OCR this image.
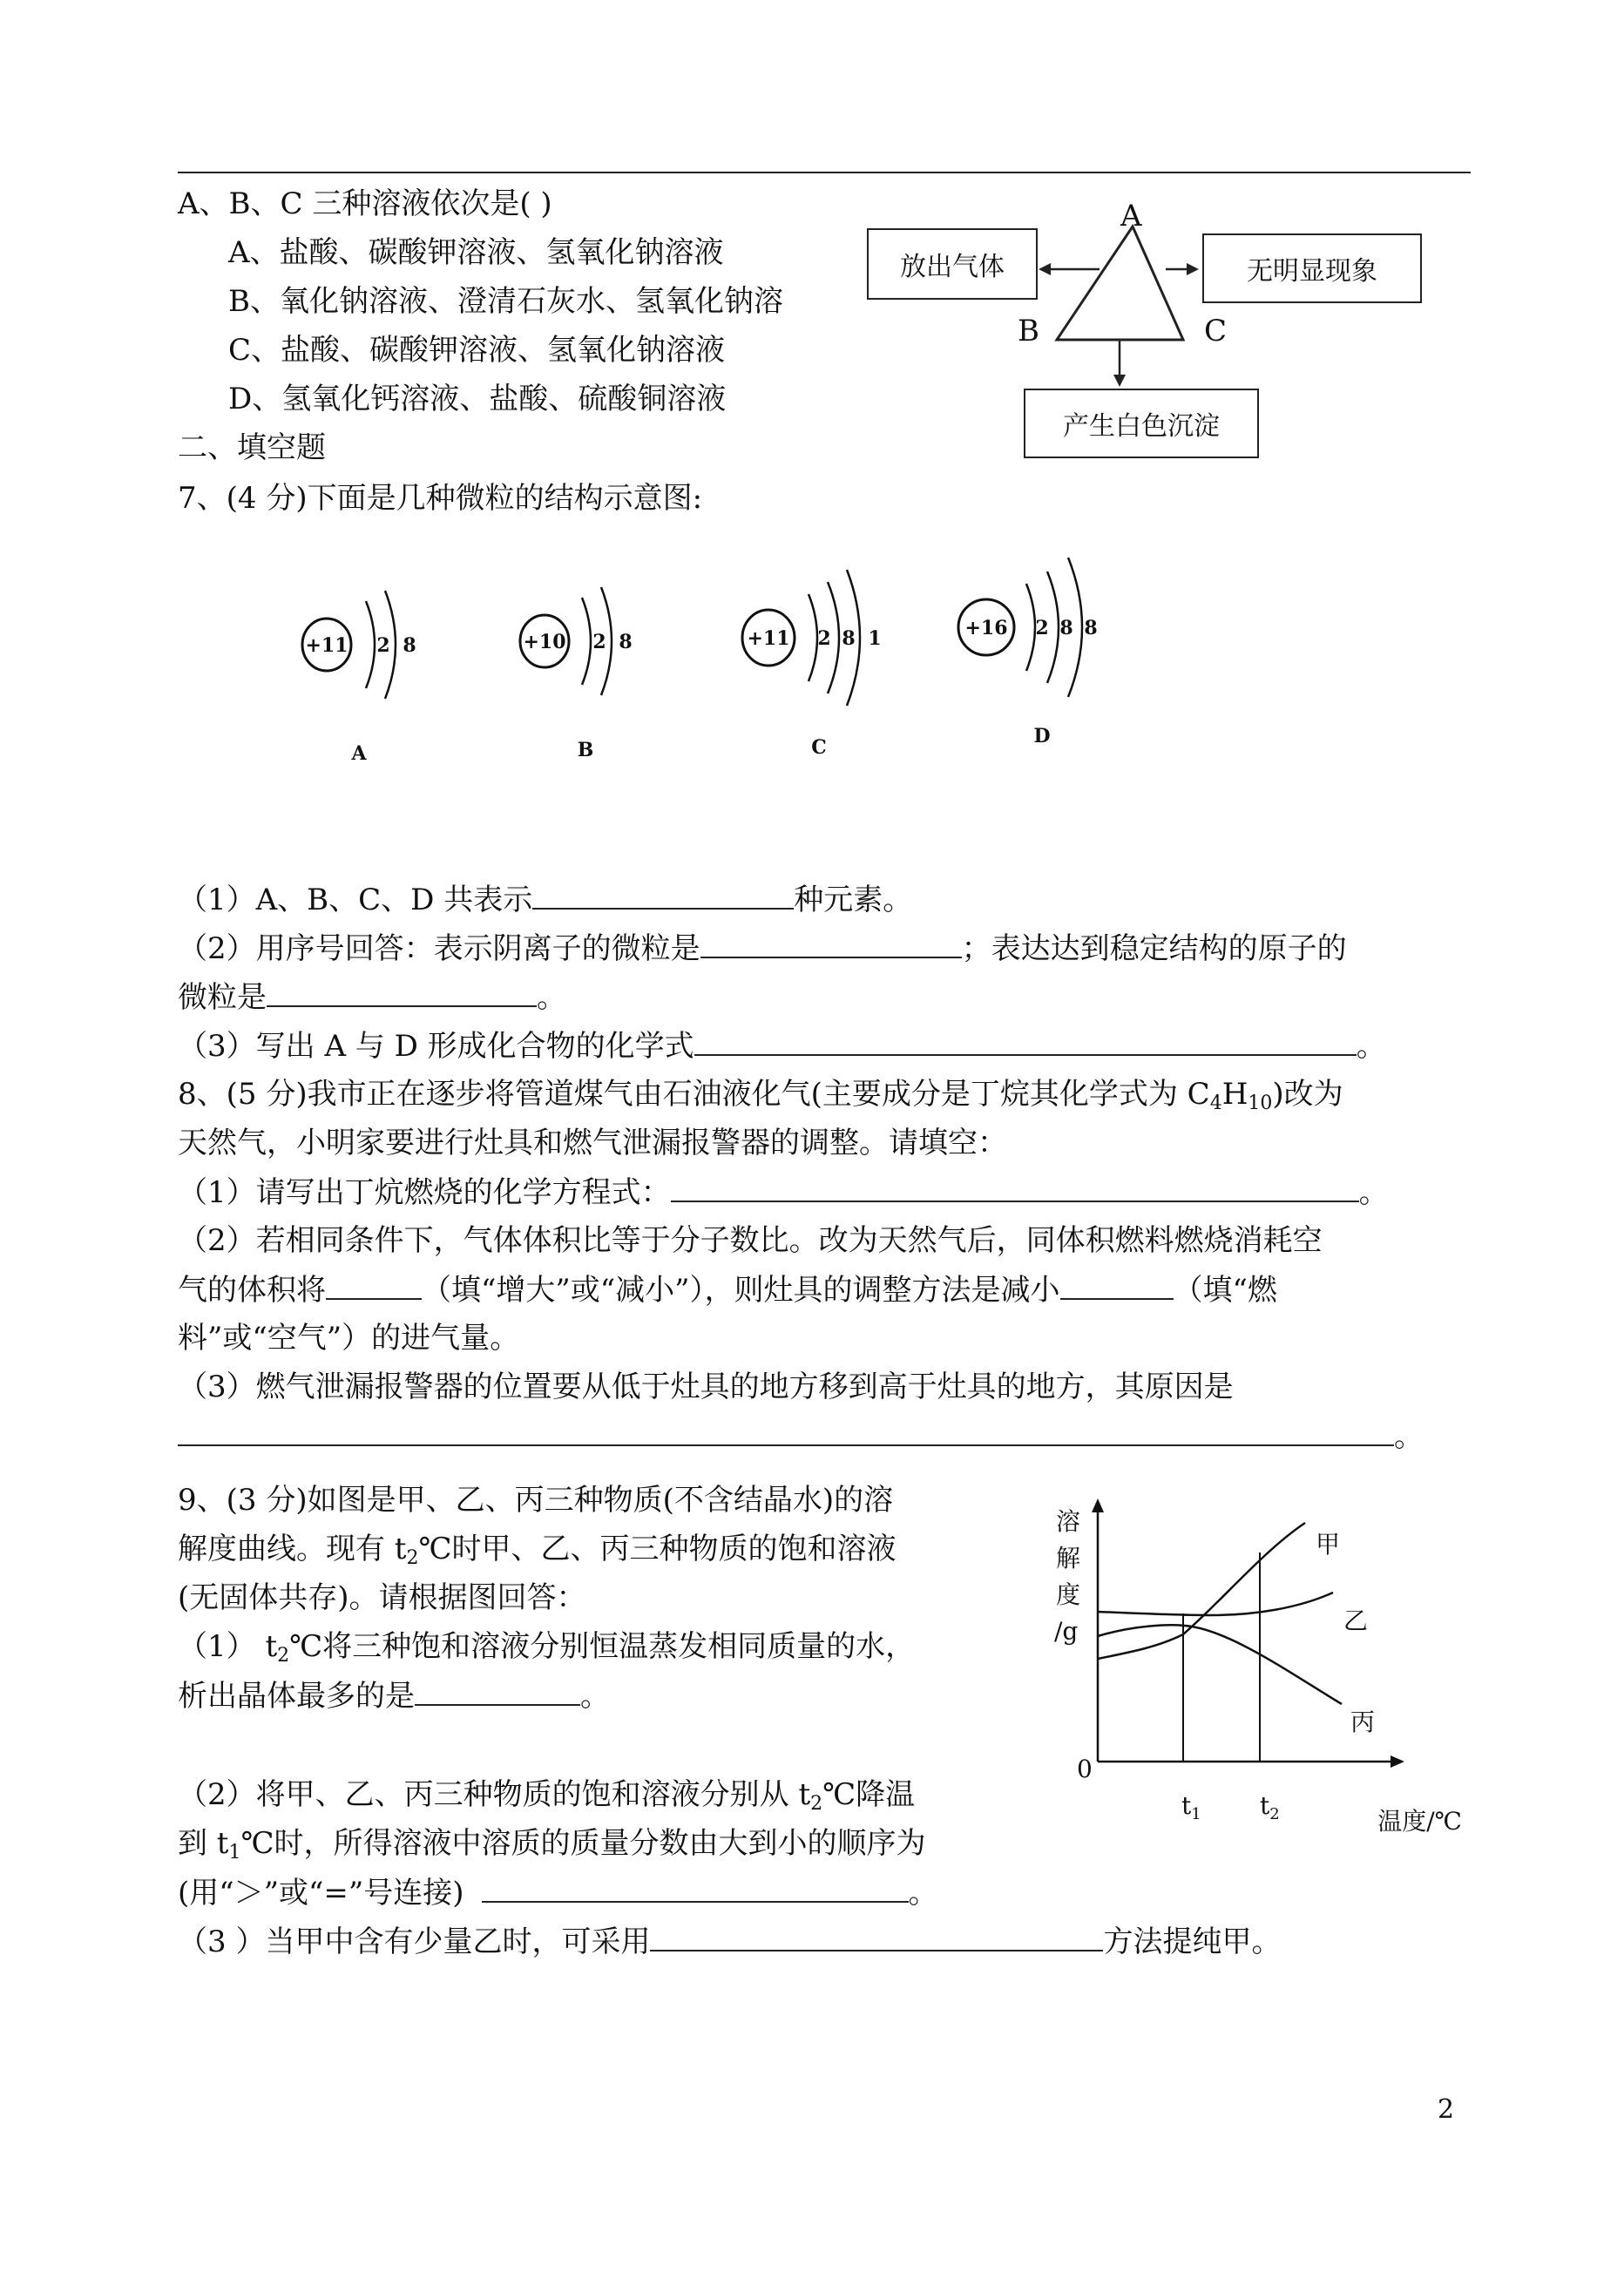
A、B、C 三种溶液依次是( )
A、盐酸、碳酸钾溶液、氢氧化钠溶液
B、氧化钠溶液、澄清石灰水、氢氧化钠溶
C、盐酸、碳酸钾溶液、氢氧化钠溶液
D、氢氧化钙溶液、盐酸、硫酸铜溶液
放出气体	无明显现象
产生白色沉淀
A
B	C
二、填空题
7、(4 分)下面是几种微粒的结构示意图:
+11 2 8
A
+10 2 8
B
+11 2 8 1
C
+16 2 8 8
D
（1）A、B、C、D 共表示	种元素。
（2）用序号回答：表示阴离子的微粒是	；表达达到稳定结构的原子的
微粒是	。
（3）写出 A 与 D 形成化合物的化学式	。
8、(5 分)我市正在逐步将管道煤气由石油液化气(主要成分是丁烷其化学式为 $C_4H_{10}$)改为
天然气，小明家要进行灶具和燃气泄漏报警器的调整。请填空：
（1）请写出丁炕燃烧的化学方程式：	。
（2）若相同条件下，气体体积比等于分子数比。改为天然气后，同体积燃料燃烧消耗空
气的体积将	（填“增大”或“减小”），则灶具的调整方法是减小	（填“燃
料”或“空气”）的进气量。
（3）燃气泄漏报警器的位置要从低于灶具的地方移到高于灶具的地方，其原因是
。
9、(3 分)如图是甲、乙、丙三种物质(不含结晶水)的溶
解度曲线。现有 $t_2℃$时甲、乙、丙三种物质的饱和溶液
(无固体共存)。请根据图回答：
（1） $t_2℃$将三种饱和溶液分别恒温蒸发相同质量的水，
析出晶体最多的是	。
（2）将甲、乙、丙三种物质的饱和溶液分别从 $t_2℃$降温
到 $t_1℃$时，所得溶液中溶质的质量分数由大到小的顺序为
(用“＞”或“=”号连接)	。
（3 ）当甲中含有少量乙时，可采用	方法提纯甲。
溶
解
度
/g
0
温度/℃
$t_1$ $t_2$
甲
乙
丙
2
